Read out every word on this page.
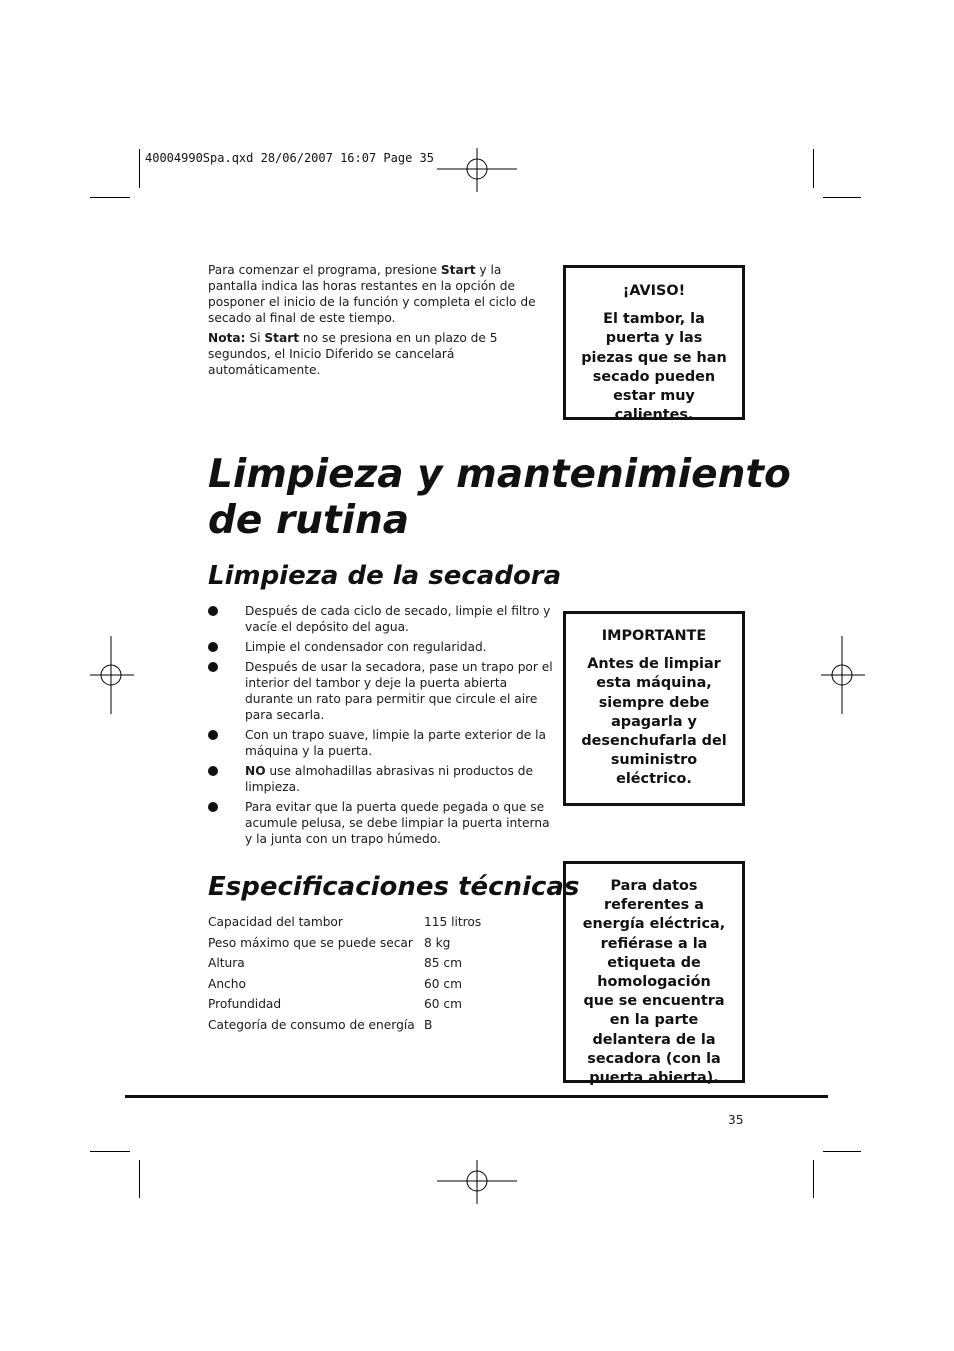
40004990Spa.qxd 28/06/2007 16:07 Page 35

Para comenzar el programa, presione Start y la pantalla indica las horas restantes en la opción de posponer el inicio de la función y completa el ciclo de secado al final de este tiempo.

Nota: Si Start no se presiona en un plazo de 5 segundos, el Inicio Diferido se cancelará automáticamente.

¡AVISO!
El tambor, la puerta y las piezas que se han secado pueden estar muy calientes.
Limpieza y mantenimiento de rutina
Limpieza de la secadora
Después de cada ciclo de secado, limpie el filtro y vacíe el depósito del agua.
Limpie el condensador con regularidad.
Después de usar la secadora, pase un trapo por el interior del tambor y deje la puerta abierta durante un rato para permitir que circule el aire para secarla.
Con un trapo suave, limpie la parte exterior de la máquina y la puerta.
NO use almohadillas abrasivas ni productos de limpieza.
Para evitar que la puerta quede pegada o que se acumule pelusa, se debe limpiar la puerta interna y la junta con un trapo húmedo.
IMPORTANTE
Antes de limpiar esta máquina, siempre debe apagarla y desenchufarla del suministro eléctrico.
Especificaciones técnicas
Capacidad del tambor	115 litros
Peso máximo que se puede secar	8 kg
Altura	85 cm
Ancho	60 cm
Profundidad	60 cm
Categoría de consumo de energía	B
Para datos referentes a energía eléctrica, refiérase a la etiqueta de homologación que se encuentra en la parte delantera de la secadora (con la puerta abierta).
35
